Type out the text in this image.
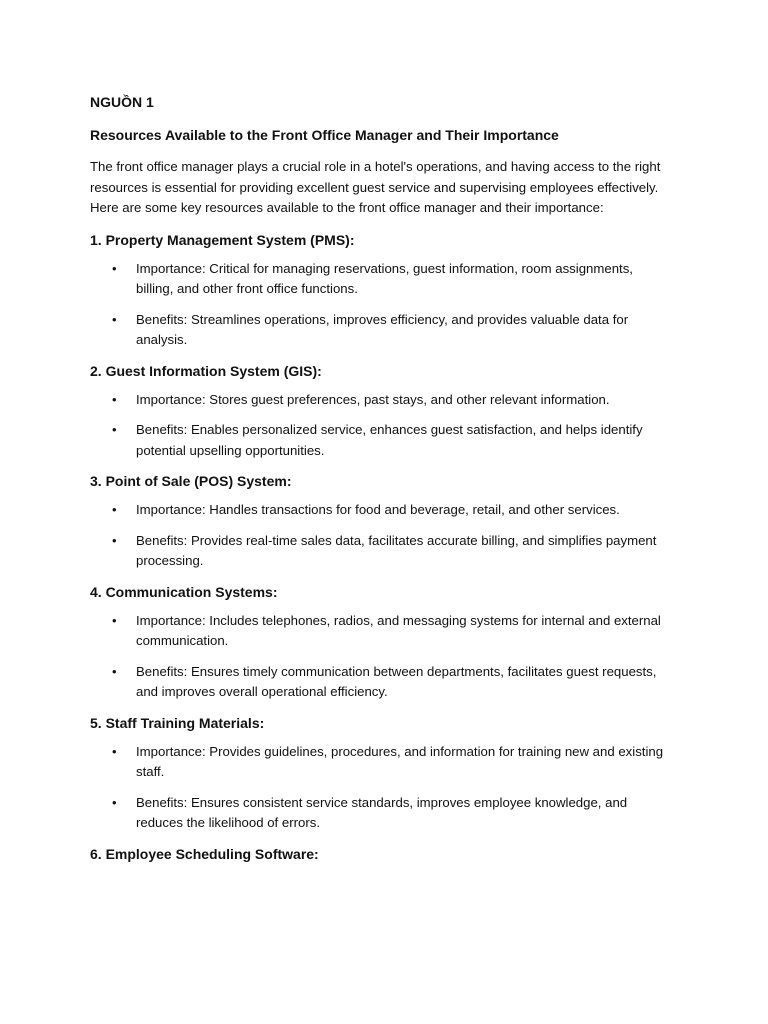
NGUỒN 1
Resources Available to the Front Office Manager and Their Importance

The front office manager plays a crucial role in a hotel's operations, and having access to the right resources is essential for providing excellent guest service and supervising employees effectively. Here are some key resources available to the front office manager and their importance:

1. Property Management System (PMS):
• Importance: Critical for managing reservations, guest information, room assignments, billing, and other front office functions.
• Benefits: Streamlines operations, improves efficiency, and provides valuable data for analysis.
2. Guest Information System (GIS):
• Importance: Stores guest preferences, past stays, and other relevant information.
• Benefits: Enables personalized service, enhances guest satisfaction, and helps identify potential upselling opportunities.
3. Point of Sale (POS) System:
• Importance: Handles transactions for food and beverage, retail, and other services.
• Benefits: Provides real-time sales data, facilitates accurate billing, and simplifies payment processing.
4. Communication Systems:
• Importance: Includes telephones, radios, and messaging systems for internal and external communication.
• Benefits: Ensures timely communication between departments, facilitates guest requests, and improves overall operational efficiency.
5. Staff Training Materials:
• Importance: Provides guidelines, procedures, and information for training new and existing staff.
• Benefits: Ensures consistent service standards, improves employee knowledge, and reduces the likelihood of errors.
6. Employee Scheduling Software:
